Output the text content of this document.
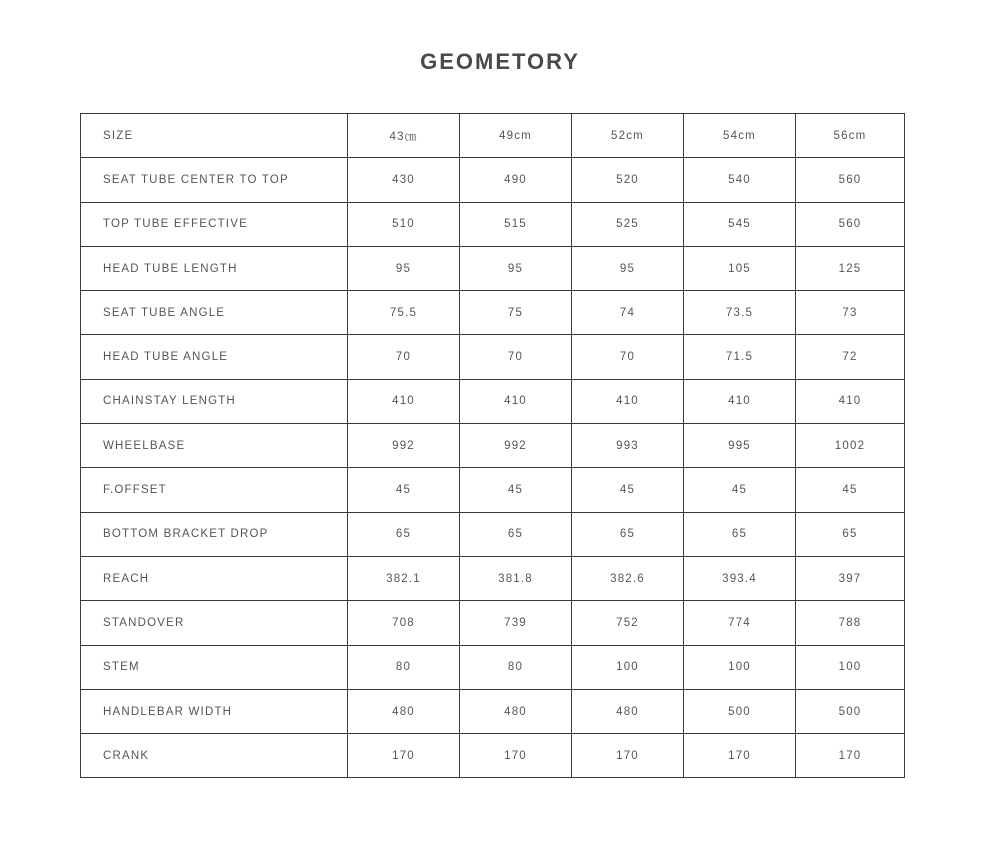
GEOMETORY
SIZE	43㎝	49cm	52cm	54cm	56cm
SEAT TUBE CENTER TO TOP	430	490	520	540	560
TOP TUBE EFFECTIVE	510	515	525	545	560
HEAD TUBE LENGTH	95	95	95	105	125
SEAT TUBE ANGLE	75.5	75	74	73.5	73
HEAD TUBE ANGLE	70	70	70	71.5	72
CHAINSTAY LENGTH	410	410	410	410	410
WHEELBASE	992	992	993	995	1002
F.OFFSET	45	45	45	45	45
BOTTOM BRACKET DROP	65	65	65	65	65
REACH	382.1	381.8	382.6	393.4	397
STANDOVER	708	739	752	774	788
STEM	80	80	100	100	100
HANDLEBAR WIDTH	480	480	480	500	500
CRANK	170	170	170	170	170
